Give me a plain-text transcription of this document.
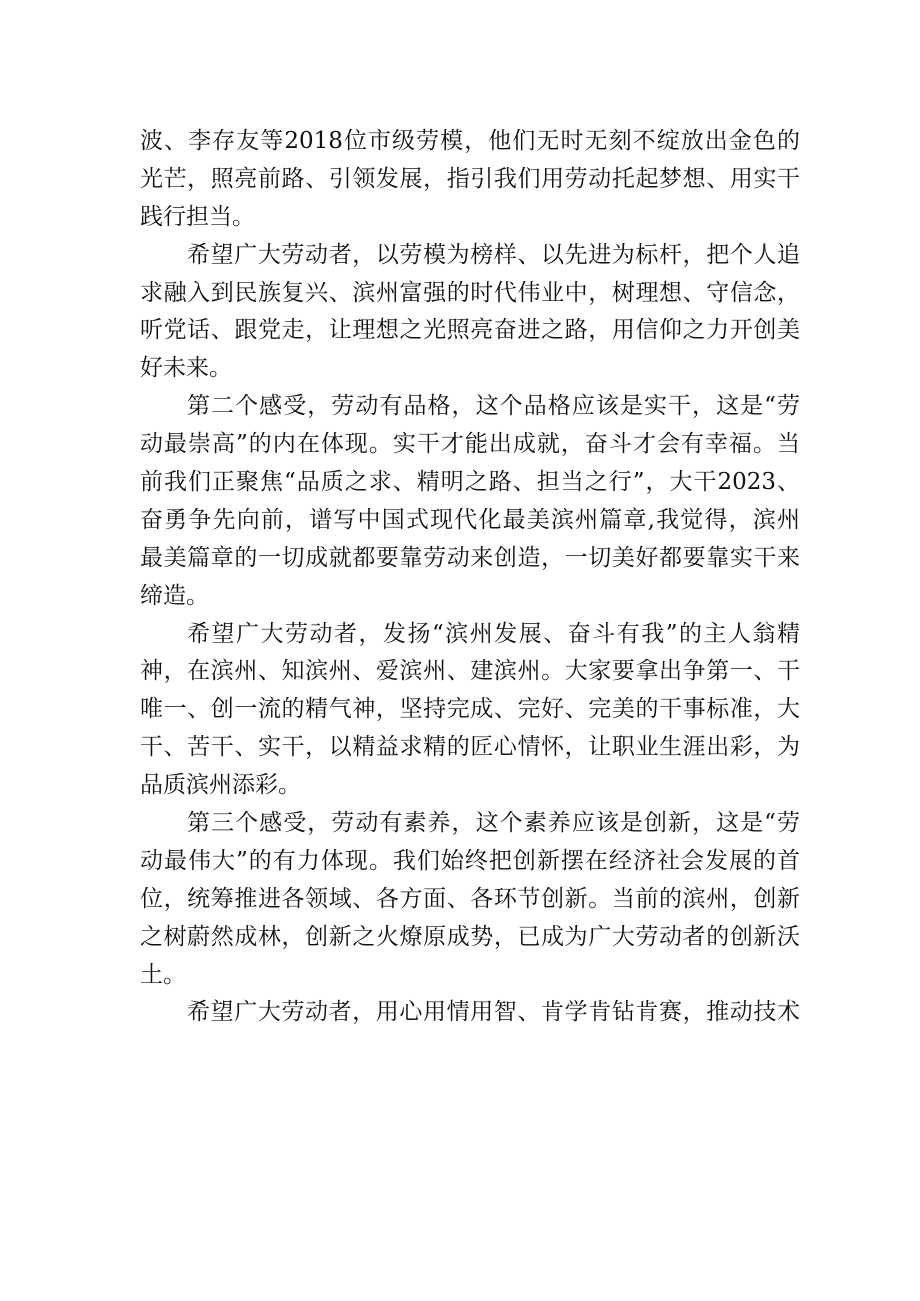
波、李存友等2018位市级劳模，他们无时无刻不绽放出金色的
光芒，照亮前路、引领发展，指引我们用劳动托起梦想、用实干
践行担当。
希望广大劳动者，以劳模为榜样、以先进为标杆，把个人追
求融入到民族复兴、滨州富强的时代伟业中，树理想、守信念，
听党话、跟党走，让理想之光照亮奋进之路，用信仰之力开创美
好未来。
第二个感受，劳动有品格，这个品格应该是实干，这是“劳
动最崇高”的内在体现。实干才能出成就，奋斗才会有幸福。当
前我们正聚焦“品质之求、精明之路、担当之行”，大干2023、
奋勇争先向前，谱写中国式现代化最美滨州篇章,我觉得，滨州
最美篇章的一切成就都要靠劳动来创造，一切美好都要靠实干来
缔造。
希望广大劳动者，发扬“滨州发展、奋斗有我”的主人翁精
神，在滨州、知滨州、爱滨州、建滨州。大家要拿出争第一、干
唯一、创一流的精气神，坚持完成、完好、完美的干事标准，大
干、苦干、实干，以精益求精的匠心情怀，让职业生涯出彩，为
品质滨州添彩。
第三个感受，劳动有素养，这个素养应该是创新，这是“劳
动最伟大”的有力体现。我们始终把创新摆在经济社会发展的首
位，统筹推进各领域、各方面、各环节创新。当前的滨州，创新
之树蔚然成林，创新之火燎原成势，已成为广大劳动者的创新沃
土。
希望广大劳动者，用心用情用智、肯学肯钻肯赛，推动技术
